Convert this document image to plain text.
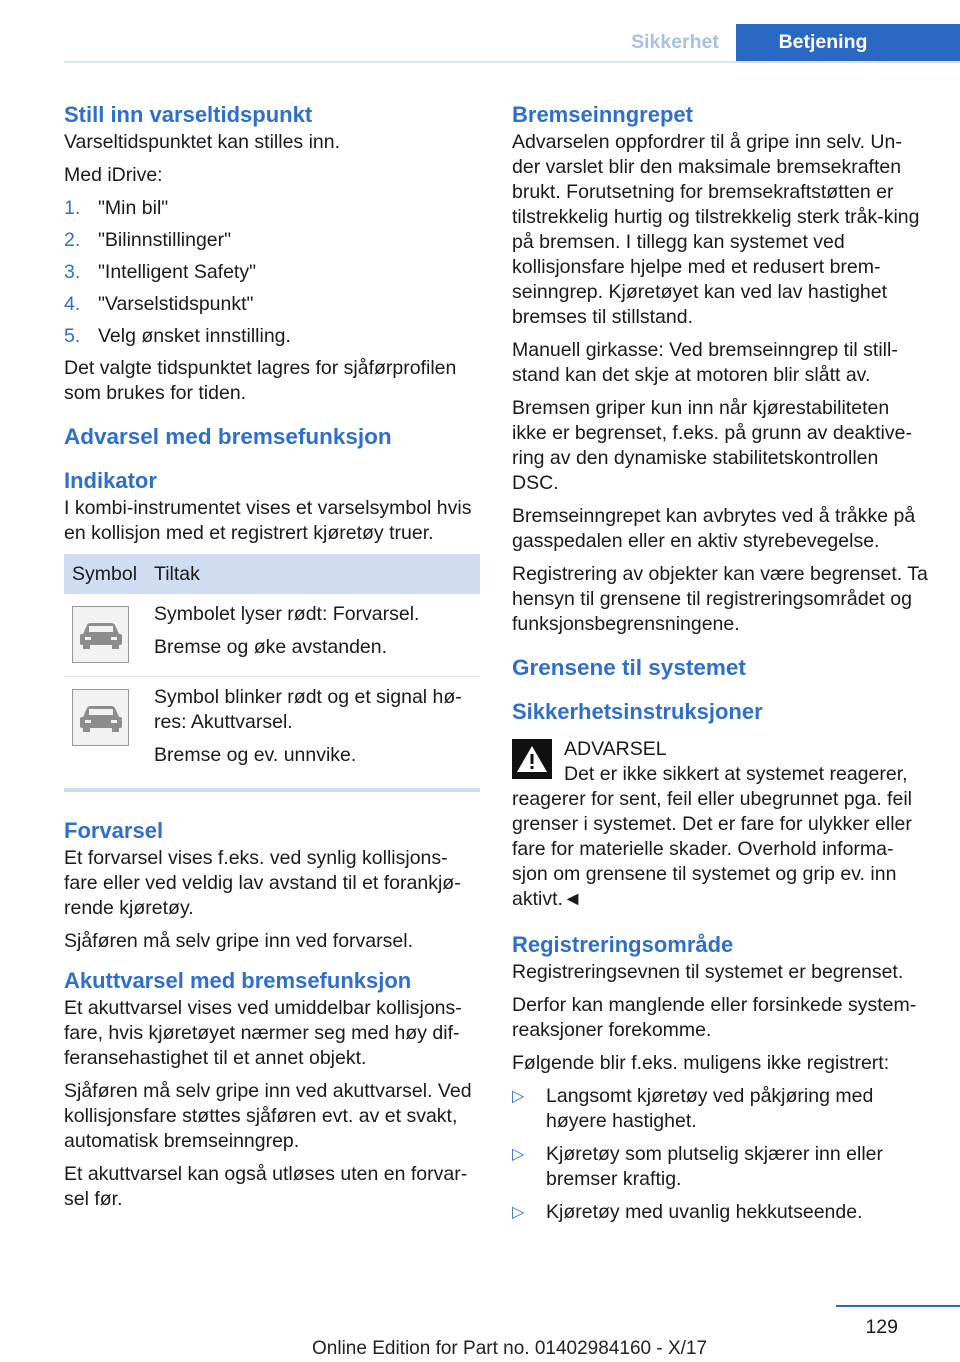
Sikkerhet	Betjening
Still inn varseltidspunkt

Varseltidspunktet kan stilles inn.

Med iDrive:

1. "Min bil"
2. "Bilinnstillinger"
3. "Intelligent Safety"
4. "Varselstidspunkt"
5. Velg ønsket innstilling.

Det valgte tidspunktet lagres for sjåførprofilen som brukes for tiden.

Advarsel med bremsefunksjon
Indikator

I kombi-instrumentet vises et varselsymbol hvis en kollisjon med et registrert kjøretøy truer.

Symbol	Tiltak

Symbolet lyser rødt: Forvarsel.

Bremse og øke avstanden.

Symbol blinker rødt og et signal hø‐res: Akuttvarsel.

Bremse og ev. unnvike.

Forvarsel

Et forvarsel vises f.eks. ved synlig kollisjons‐fare eller ved veldig lav avstand til et forankjø‐rende kjøretøy.

Sjåføren må selv gripe inn ved forvarsel.

Akuttvarsel med bremsefunksjon

Et akuttvarsel vises ved umiddelbar kollisjons‐fare, hvis kjøretøyet nærmer seg med høy dif‐feransehastighet til et annet objekt.

Sjåføren må selv gripe inn ved akuttvarsel. Ved kollisjonsfare støttes sjåføren evt. av et svakt, automatisk bremseinngrep.

Et akuttvarsel kan også utløses uten en forvar‐sel før.

Bremseinngrepet

Advarselen oppfordrer til å gripe inn selv. Un‐der varslet blir den maksimale bremsekraften brukt. Forutsetning for bremsekraftstøtten er tilstrekkelig hurtig og tilstrekkelig sterk tråk‐king på bremsen. I tillegg kan systemet ved kollisjonsfare hjelpe med et redusert brem‐seinngrep. Kjøretøyet kan ved lav hastighet bremses til stillstand.

Manuell girkasse: Ved bremseinngrep til still‐stand kan det skje at motoren blir slått av.

Bremsen griper kun inn når kjørestabiliteten ikke er begrenset, f.eks. på grunn av deaktive‐ring av den dynamiske stabilitetskontrollen DSC.

Bremseinngrepet kan avbrytes ved å tråkke på gasspedalen eller en aktiv styrebevegelse.

Registrering av objekter kan være begrenset. Ta hensyn til grensene til registreringsområdet og funksjonsbegrensningene.

Grensene til systemet
Sikkerhetsinstruksjoner
ADVARSEL
Det er ikke sikkert at systemet reagerer,

reagerer for sent, feil eller ubegrunnet pga. feil grenser i systemet. Det er fare for ulykker eller fare for materielle skader. Overhold informa‐sjon om grensene til systemet og grip ev. inn aktivt.◄

Registreringsområde

Registreringsevnen til systemet er begrenset.

Derfor kan manglende eller forsinkede system‐reaksjoner forekomme.

Følgende blir f.eks. muligens ikke registrert:

▷ Langsomt kjøretøy ved påkjøring med høyere hastighet.
▷ Kjøretøy som plutselig skjærer inn eller bremser kraftig.
▷ Kjøretøy med uvanlig hekkutseende.
129
Online Edition for Part no. 01402984160 - X/17
